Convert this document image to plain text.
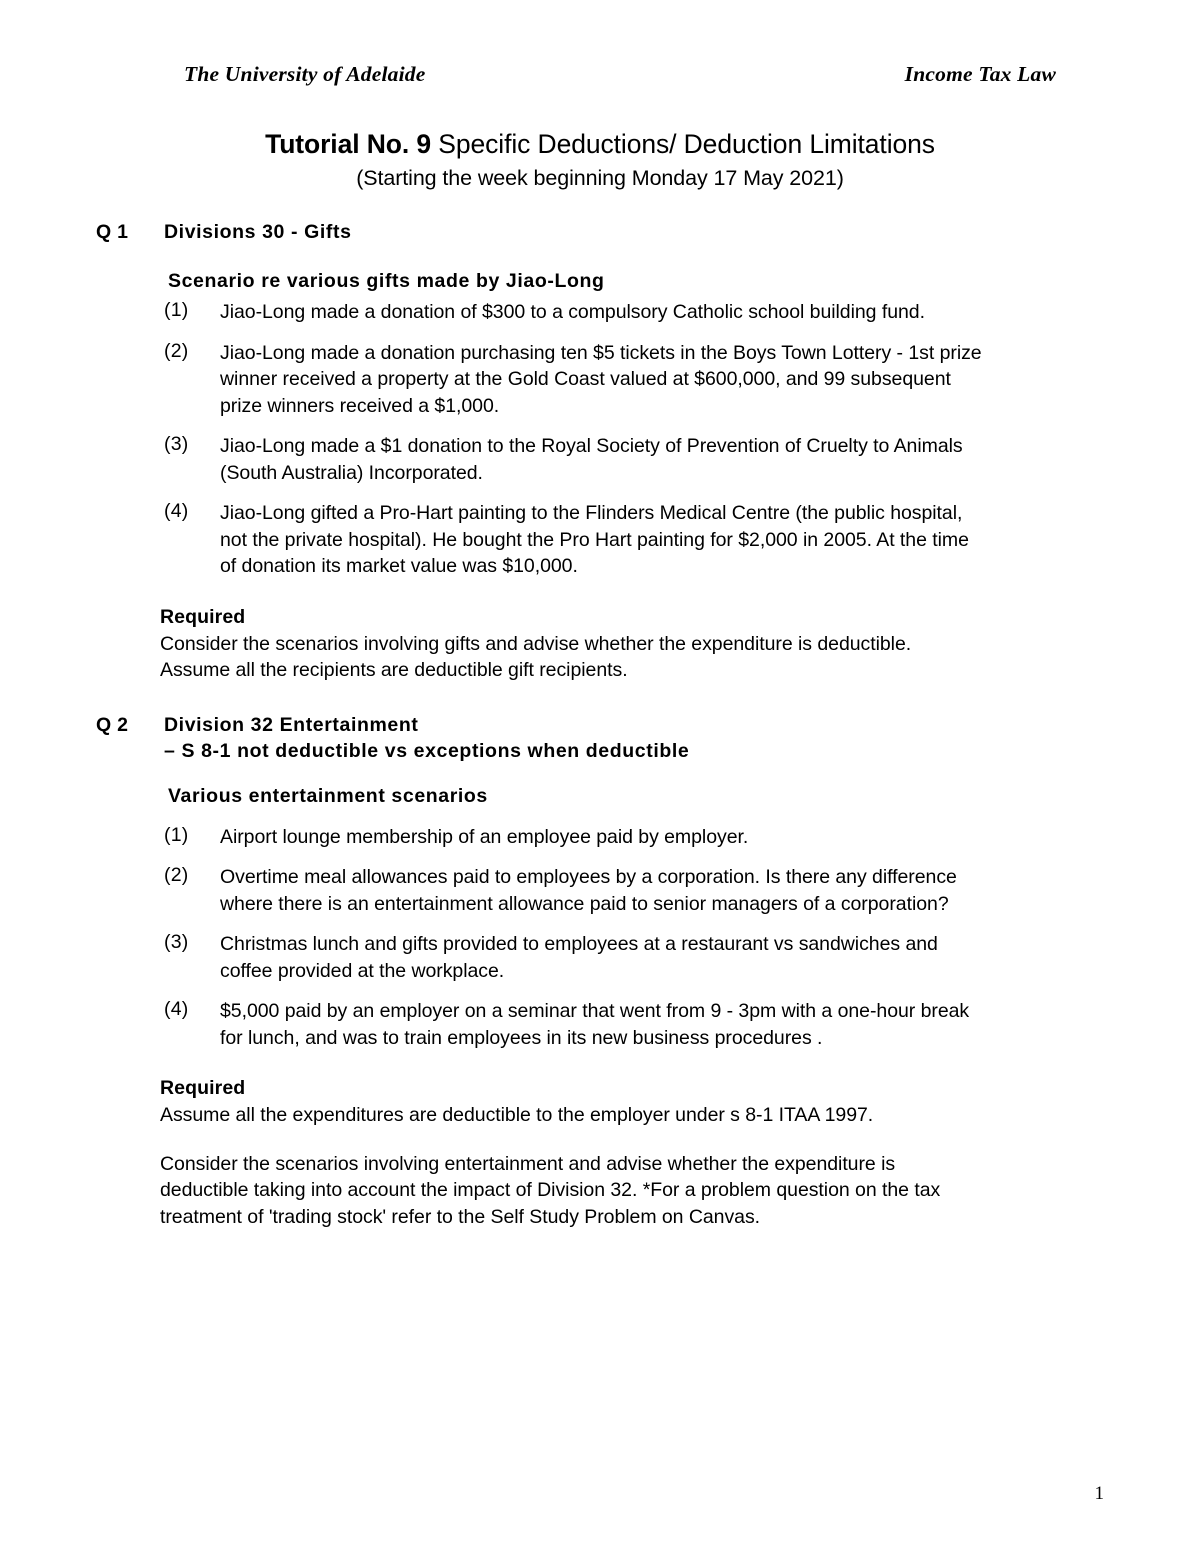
The University of Adelaide	Income Tax Law
Tutorial No. 9 Specific Deductions/ Deduction Limitations
(Starting the week beginning Monday 17 May 2021)
Q 1	Divisions 30 - Gifts
Scenario re various gifts made by Jiao-Long
(1)	Jiao-Long made a donation of $300 to a compulsory Catholic school building fund.
(2)	Jiao-Long made a donation purchasing ten $5 tickets in the Boys Town Lottery - 1st prize winner received a property at the Gold Coast valued at $600,000, and 99 subsequent prize winners received a $1,000.
(3)	Jiao-Long made a $1 donation to the Royal Society of Prevention of Cruelty to Animals (South Australia) Incorporated.
(4)	Jiao-Long gifted a Pro-Hart painting to the Flinders Medical Centre (the public hospital, not the private hospital). He bought the Pro Hart painting for $2,000 in 2005. At the time of donation its market value was $10,000.
Required
Consider the scenarios involving gifts and advise whether the expenditure is deductible. Assume all the recipients are deductible gift recipients.
Q 2	Division 32 Entertainment
– S 8-1 not deductible vs exceptions when deductible
Various entertainment scenarios
(1)	Airport lounge membership of an employee paid by employer.
(2)	Overtime meal allowances paid to employees by a corporation. Is there any difference where there is an entertainment allowance paid to senior managers of a corporation?
(3)	Christmas lunch and gifts provided to employees at a restaurant vs sandwiches and coffee provided at the workplace.
(4)	$5,000 paid by an employer on a seminar that went from 9 - 3pm with a one-hour break for lunch, and was to train employees in its new business procedures .
Required
Assume all the expenditures are deductible to the employer under s 8-1 ITAA 1997.
Consider the scenarios involving entertainment and advise whether the expenditure is deductible taking into account the impact of Division 32. *For a problem question on the tax treatment of 'trading stock' refer to the Self Study Problem on Canvas.
1
